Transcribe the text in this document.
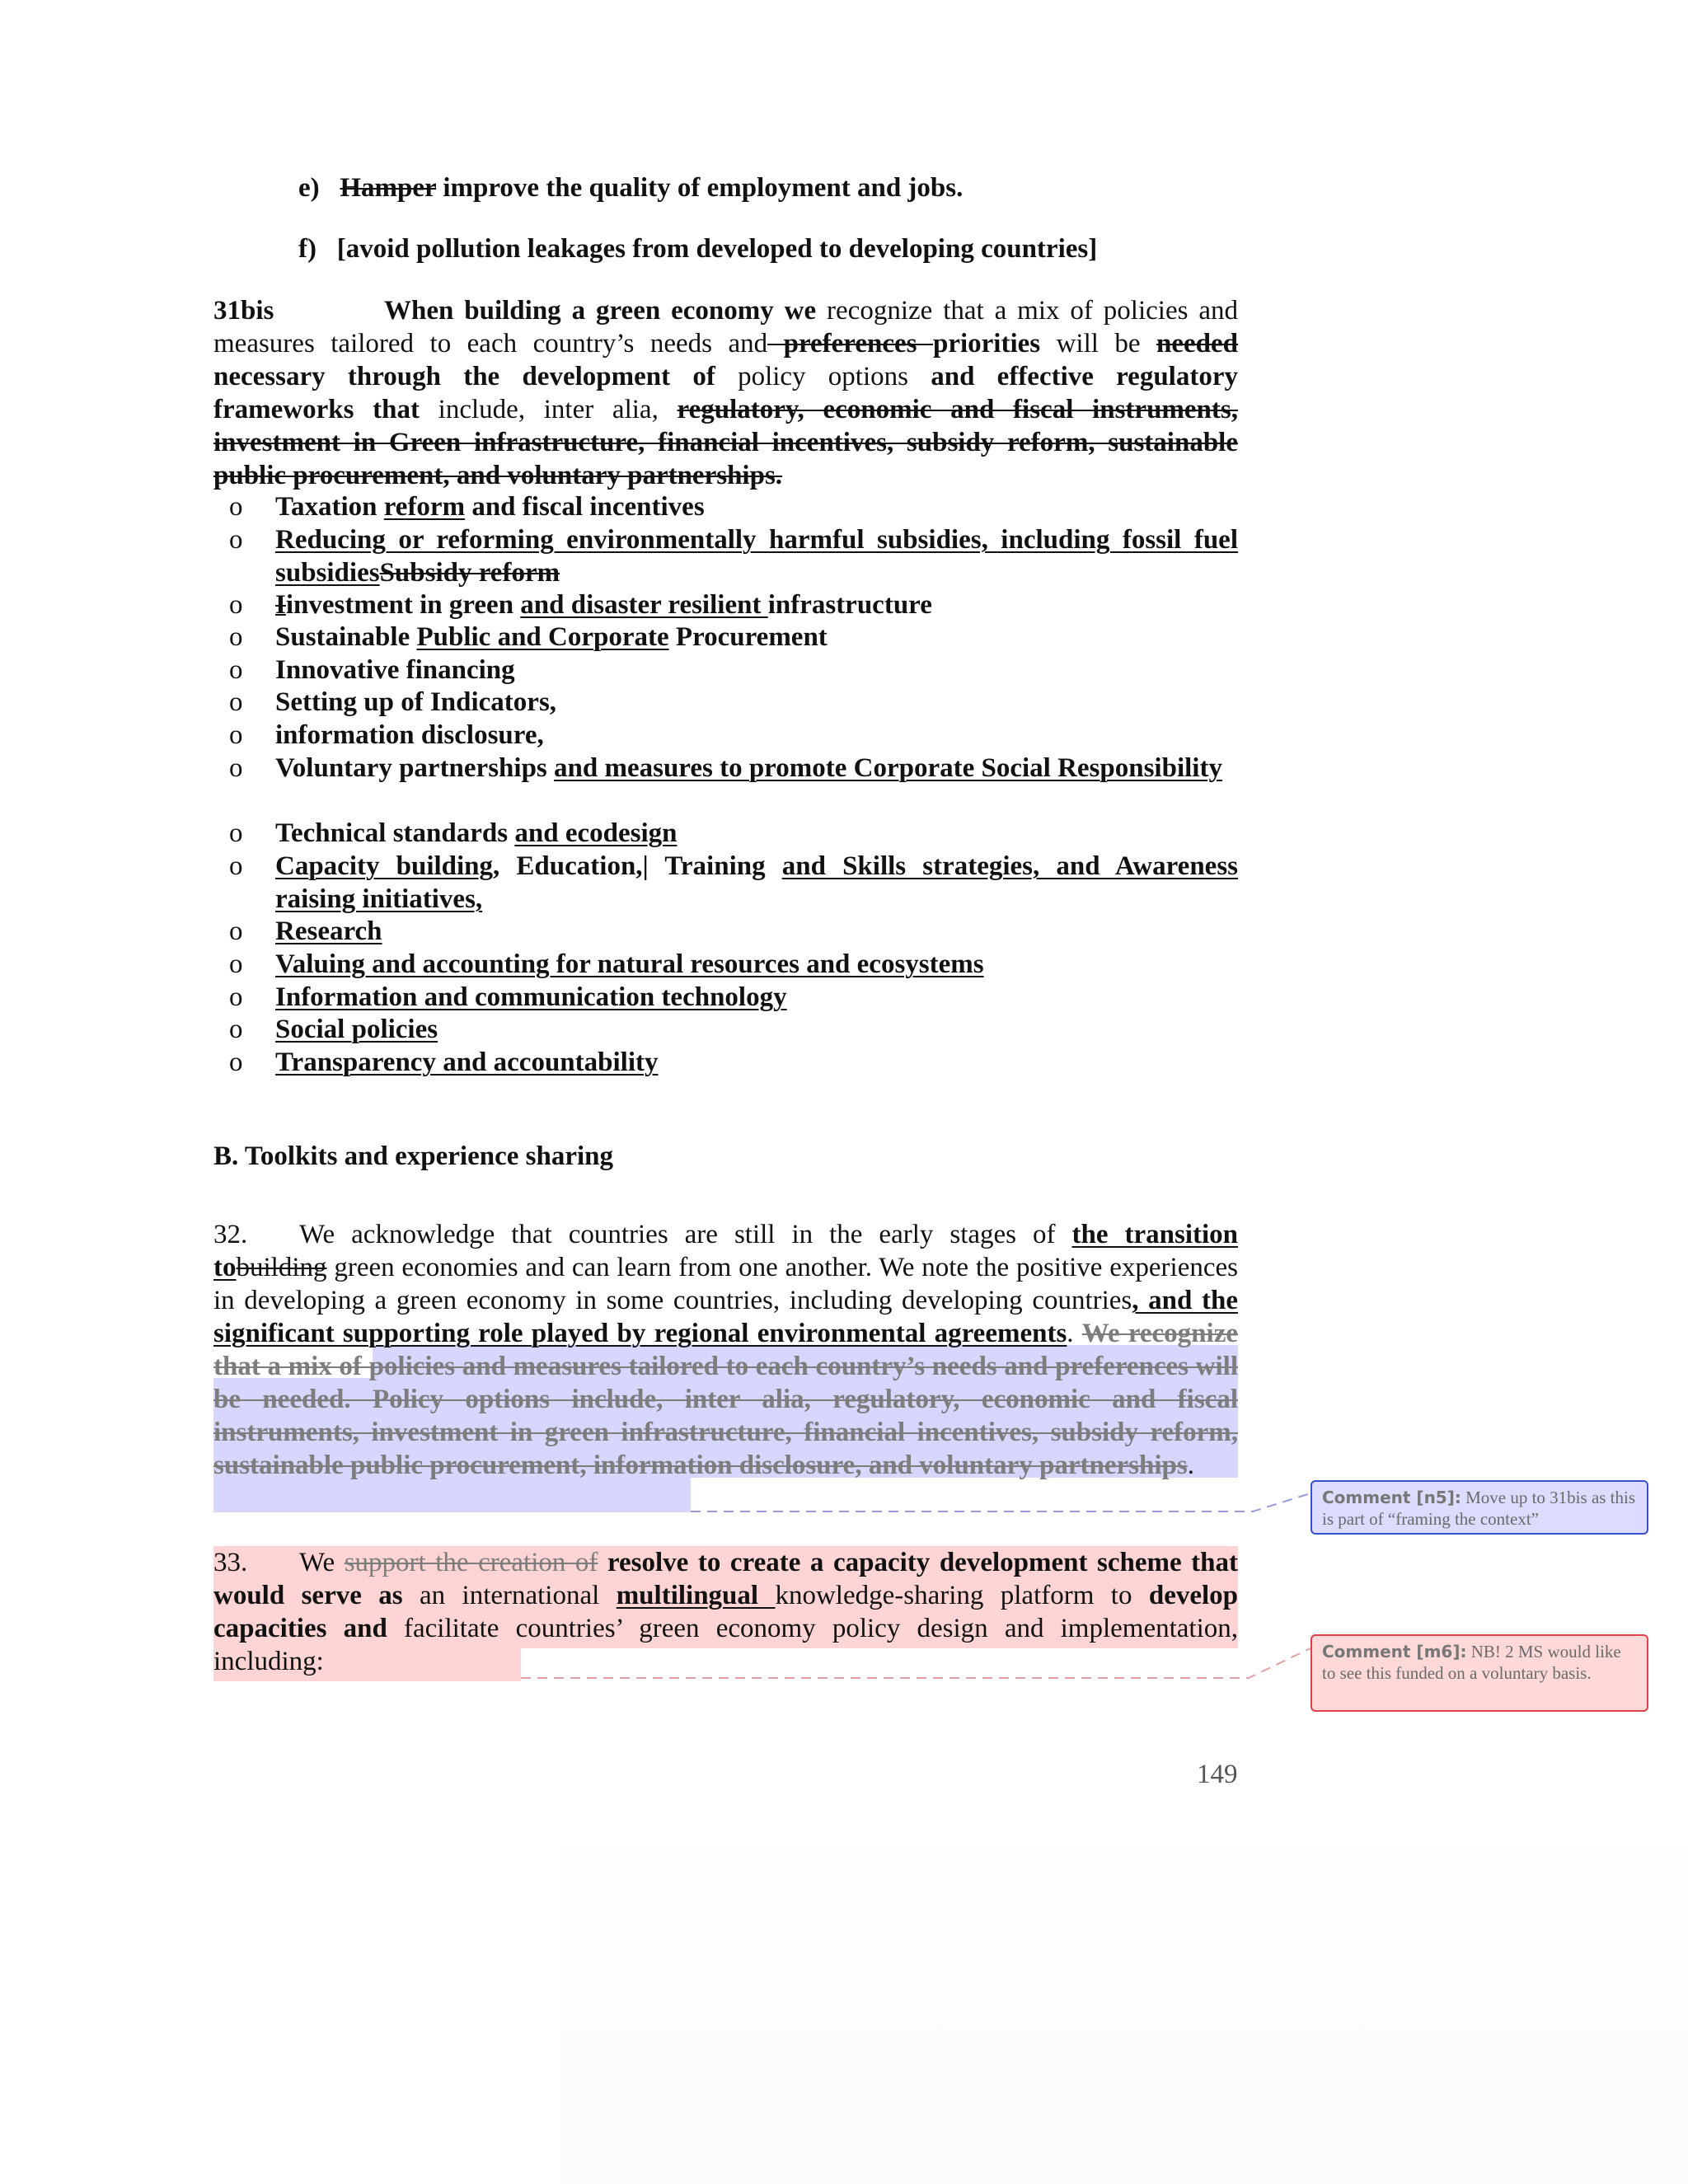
e) Hamper improve the quality of employment and jobs.
f) [avoid pollution leakages from developed to developing countries]
31bis	When building a green economy we recognize that a mix of policies and measures tailored to each country’s needs and preferences priorities will be needed necessary through the development of policy options and effective regulatory frameworks that include, inter alia, regulatory, economic and fiscal instruments, investment in Green infrastructure, financial incentives, subsidy reform, sustainable public procurement, and voluntary partnerships.

o Taxation reform and fiscal incentives

o Reducing or reforming environmentally harmful subsidies, including fossil fuel subsidiesSubsidy reform

o Iinvestment in green and disaster resilient infrastructure

o Sustainable Public and Corporate Procurement

o Innovative financing

o Setting up of Indicators,

o information disclosure,

o Voluntary partnerships and measures to promote Corporate Social Responsibility

o Technical standards and ecodesign

o Capacity building, Education,| Training and Skills strategies, and Awareness raising initiatives,

o Research

o Valuing and accounting for natural resources and ecosystems

o Information and communication technology

o Social policies

o Transparency and accountability

B. Toolkits and experience sharing

We acknowledge that countries are still in the early stages of the transition tobuilding green economies and can learn from one another. We note the positive experiences in developing a green economy in some countries, including developing countries, and the significant supporting role played by regional environmental agreements. We recognize that a mix of policies and measures tailored to each country’s needs and preferences will be needed. Policy options include, inter alia, regulatory, economic and fiscal instruments, investment in green infrastructure, financial incentives, subsidy reform, sustainable public procurement, information disclosure, and voluntary partnerships.

32.

We support the creation of resolve to create a capacity development scheme that would serve as an international multilingual knowledge-sharing platform to develop capacities and facilitate countries’ green economy policy design and implementation, including:

33.
Comment [n5]: Move up to 31bis as this is part of “framing the context”
Comment [m6]: NB! 2 MS would like to see this funded on a voluntary basis.
149
